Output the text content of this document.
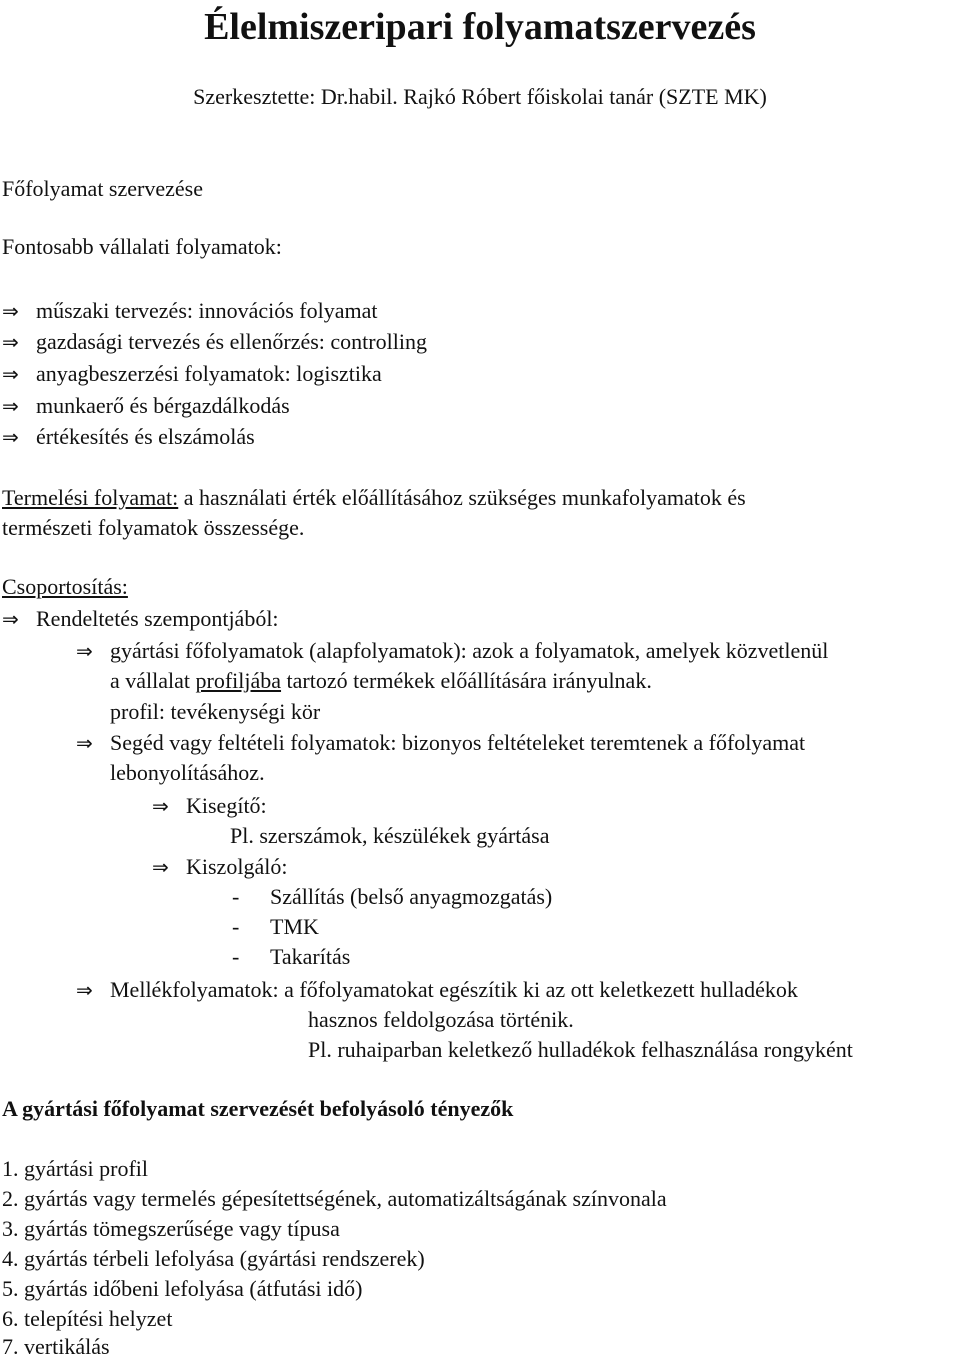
Élelmiszeripari folyamatszervezés
Szerkesztette: Dr.habil. Rajkó Róbert főiskolai tanár (SZTE MK)
Főfolyamat szervezése
Fontosabb vállalati folyamatok:
⇒ műszaki tervezés: innovációs folyamat
⇒ gazdasági tervezés és ellenőrzés: controlling
⇒ anyagbeszerzési folyamatok: logisztika
⇒ munkaerő és bérgazdálkodás
⇒ értékesítés és elszámolás
Termelési folyamat: a használati érték előállításához szükséges munkafolyamatok és
természeti folyamatok összessége.
Csoportosítás:
⇒ Rendeltetés szempontjából:
⇒ gyártási főfolyamatok (alapfolyamatok): azok a folyamatok, amelyek közvetlenül
a vállalat profiljába tartozó termékek előállítására irányulnak.
profil: tevékenységi kör
⇒ Segéd vagy feltételi folyamatok: bizonyos feltételeket teremtenek a főfolyamat
lebonyolításához.
⇒ Kisegítő:
Pl. szerszámok, készülékek gyártása
⇒ Kiszolgáló:
- Szállítás (belső anyagmozgatás)
- TMK
- Takarítás
⇒ Mellékfolyamatok: a főfolyamatokat egészítik ki az ott keletkezett hulladékok
hasznos feldolgozása történik.
Pl. ruhaiparban keletkező hulladékok felhasználása rongyként
A gyártási főfolyamat szervezését befolyásoló tényezők
1. gyártási profil
2. gyártás vagy termelés gépesítettségének, automatizáltságának színvonala
3. gyártás tömegszerűsége vagy típusa
4. gyártás térbeli lefolyása (gyártási rendszerek)
5. gyártás időbeni lefolyása (átfutási idő)
6. telepítési helyzet
7. vertikálás
